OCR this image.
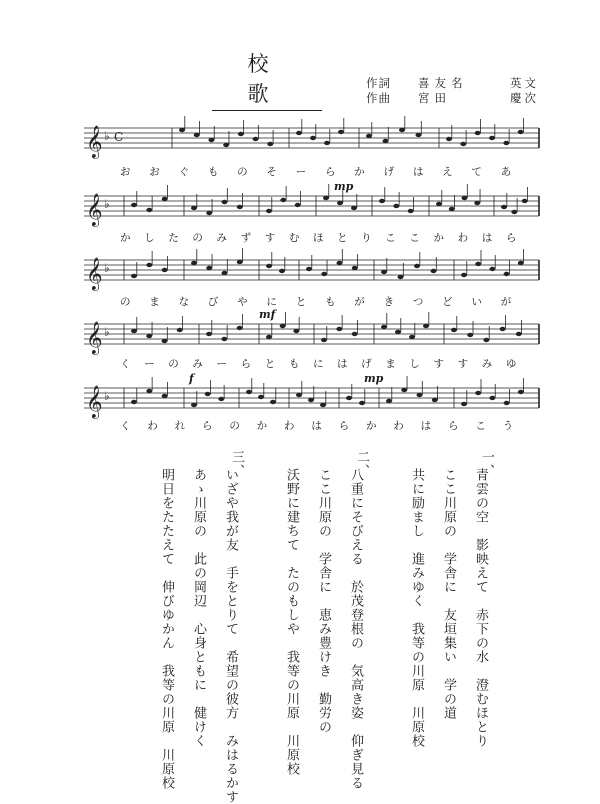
校　歌	作詞 喜友名	英文
作曲 宮田	慶次
𝄞 ♭ C
𝄞 ♭
𝄞 ♭
𝄞 ♭
𝄞 ♭
mp
mf
f	mp
お お ぐ も の そ ー ら か げ は え て あ
か し た の み ず す む ほ と り こ こ か わ は ら
の ま な び や に と も が き つ ど い が
く ー の み ー ら と も に は げ ま し す す み ゆ
く わ れ ら の か わ は ら か わ は ら こ う
一、
青雲の空　影映えて　赤下の水　澄むほとり
ここ川原の　学舎に　友垣集い　学の道
共に励まし　進みゆく　我等の川原　川原校
二、
八重にそびえる　於茂登根の　気高き姿　仰ぎ見る
ここ川原の　学舎に　恵み豊けき　勤労の
沃野に建ちて　たのもしや　我等の川原　川原校
三、
いざや我が友　手をとりて　希望の彼方　みはるかす
あゝ川原の　此の岡辺　心身ともに　健けく
明日をたたえて　伸びゆかん　我等の川原　川原校
